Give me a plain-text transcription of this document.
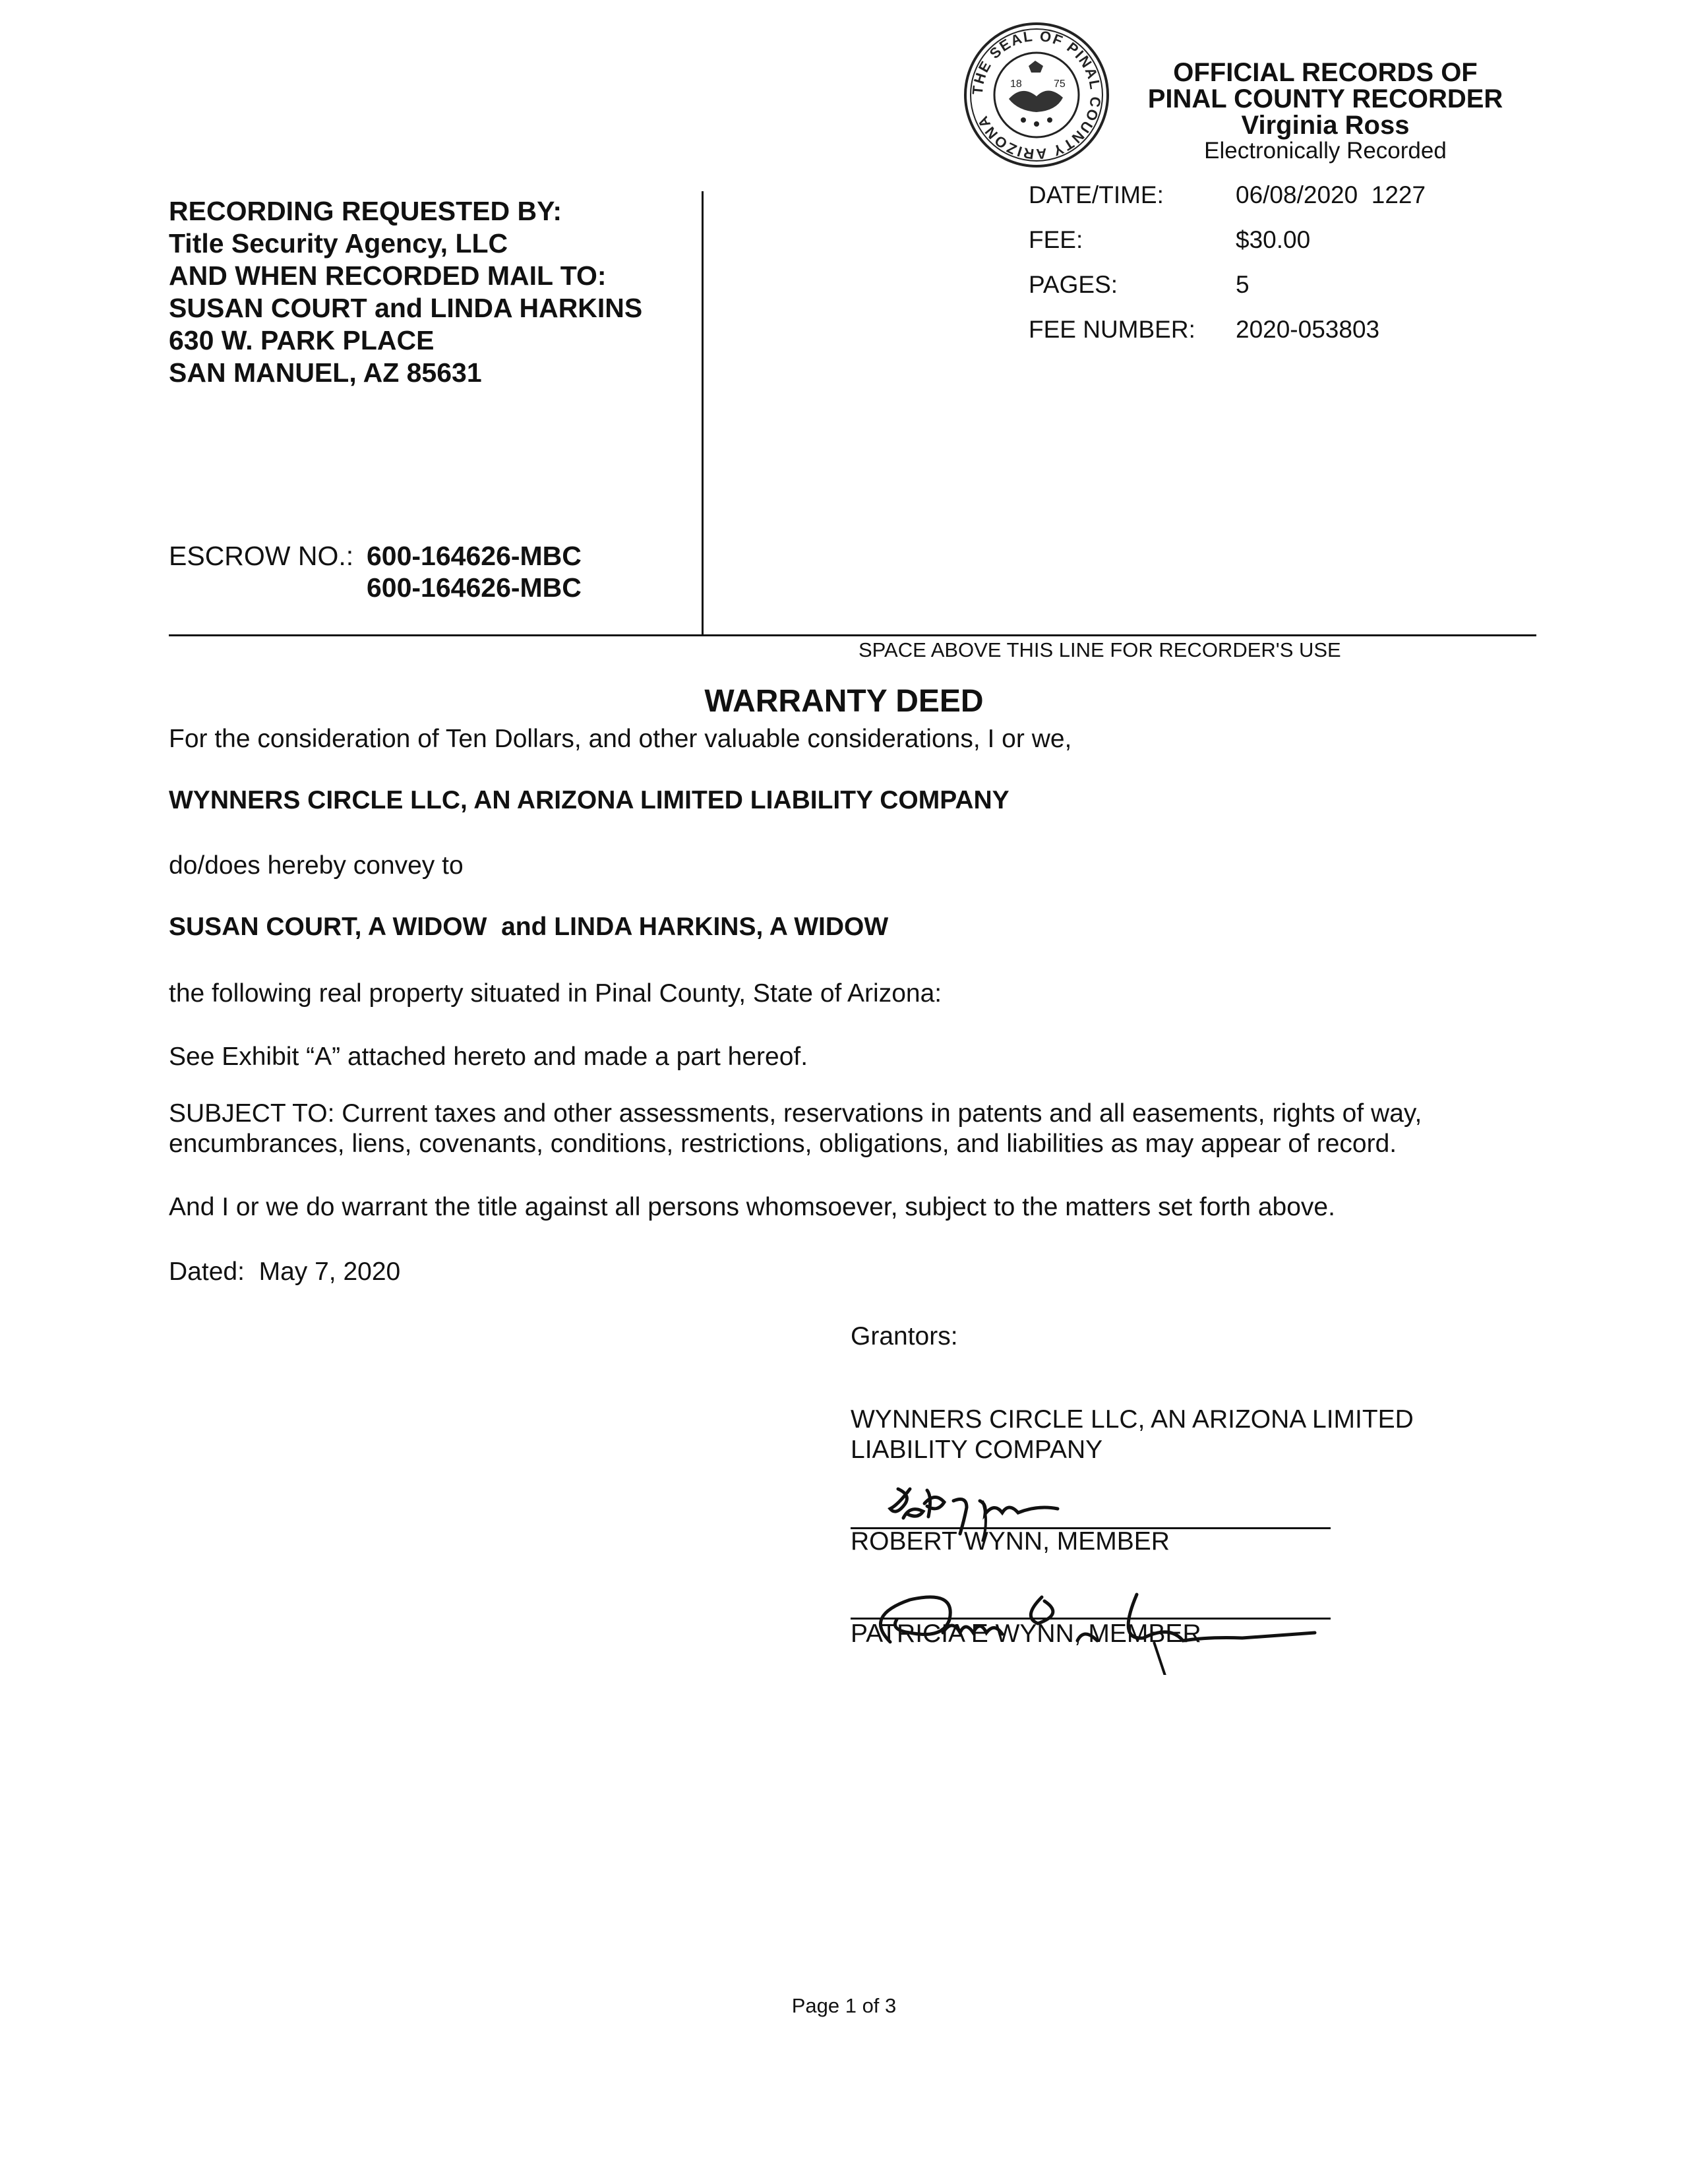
RECORDING REQUESTED BY:
Title Security Agency, LLC
AND WHEN RECORDED MAIL TO:
SUSAN COURT and LINDA HARKINS
630 W. PARK PLACE
SAN MANUEL, AZ 85631
ESCROW NO.: 600-164626-MBC
600-164626-MBC
SPACE ABOVE THIS LINE FOR RECORDER'S USE
THE SEAL OF PINAL COUNTY ARIZONA
18	75	OFFICIAL RECORDS OF
PINAL COUNTY RECORDER
Virginia Ross
Electronically Recorded
DATE/TIME:	06/08/2020  1227
FEE:	$30.00
PAGES:	5
FEE NUMBER:	2020-053803
WARRANTY DEED
For the consideration of Ten Dollars, and other valuable considerations, I or we,
WYNNERS CIRCLE LLC, AN ARIZONA LIMITED LIABILITY COMPANY
do/does hereby convey to
SUSAN COURT, A WIDOW  and LINDA HARKINS, A WIDOW
the following real property situated in Pinal County, State of Arizona:
See Exhibit “A” attached hereto and made a part hereof.
SUBJECT TO: Current taxes and other assessments, reservations in patents and all easements, rights of way, encumbrances, liens, covenants, conditions, restrictions, obligations, and liabilities as may appear of record.
And I or we do warrant the title against all persons whomsoever, subject to the matters set forth above.
Dated:  May 7, 2020
Grantors:
WYNNERS CIRCLE LLC, AN ARIZONA LIMITED LIABILITY COMPANY
ROBERT WYNN, MEMBER
PATRICIA E WYNN, MEMBER
Page 1 of 3
